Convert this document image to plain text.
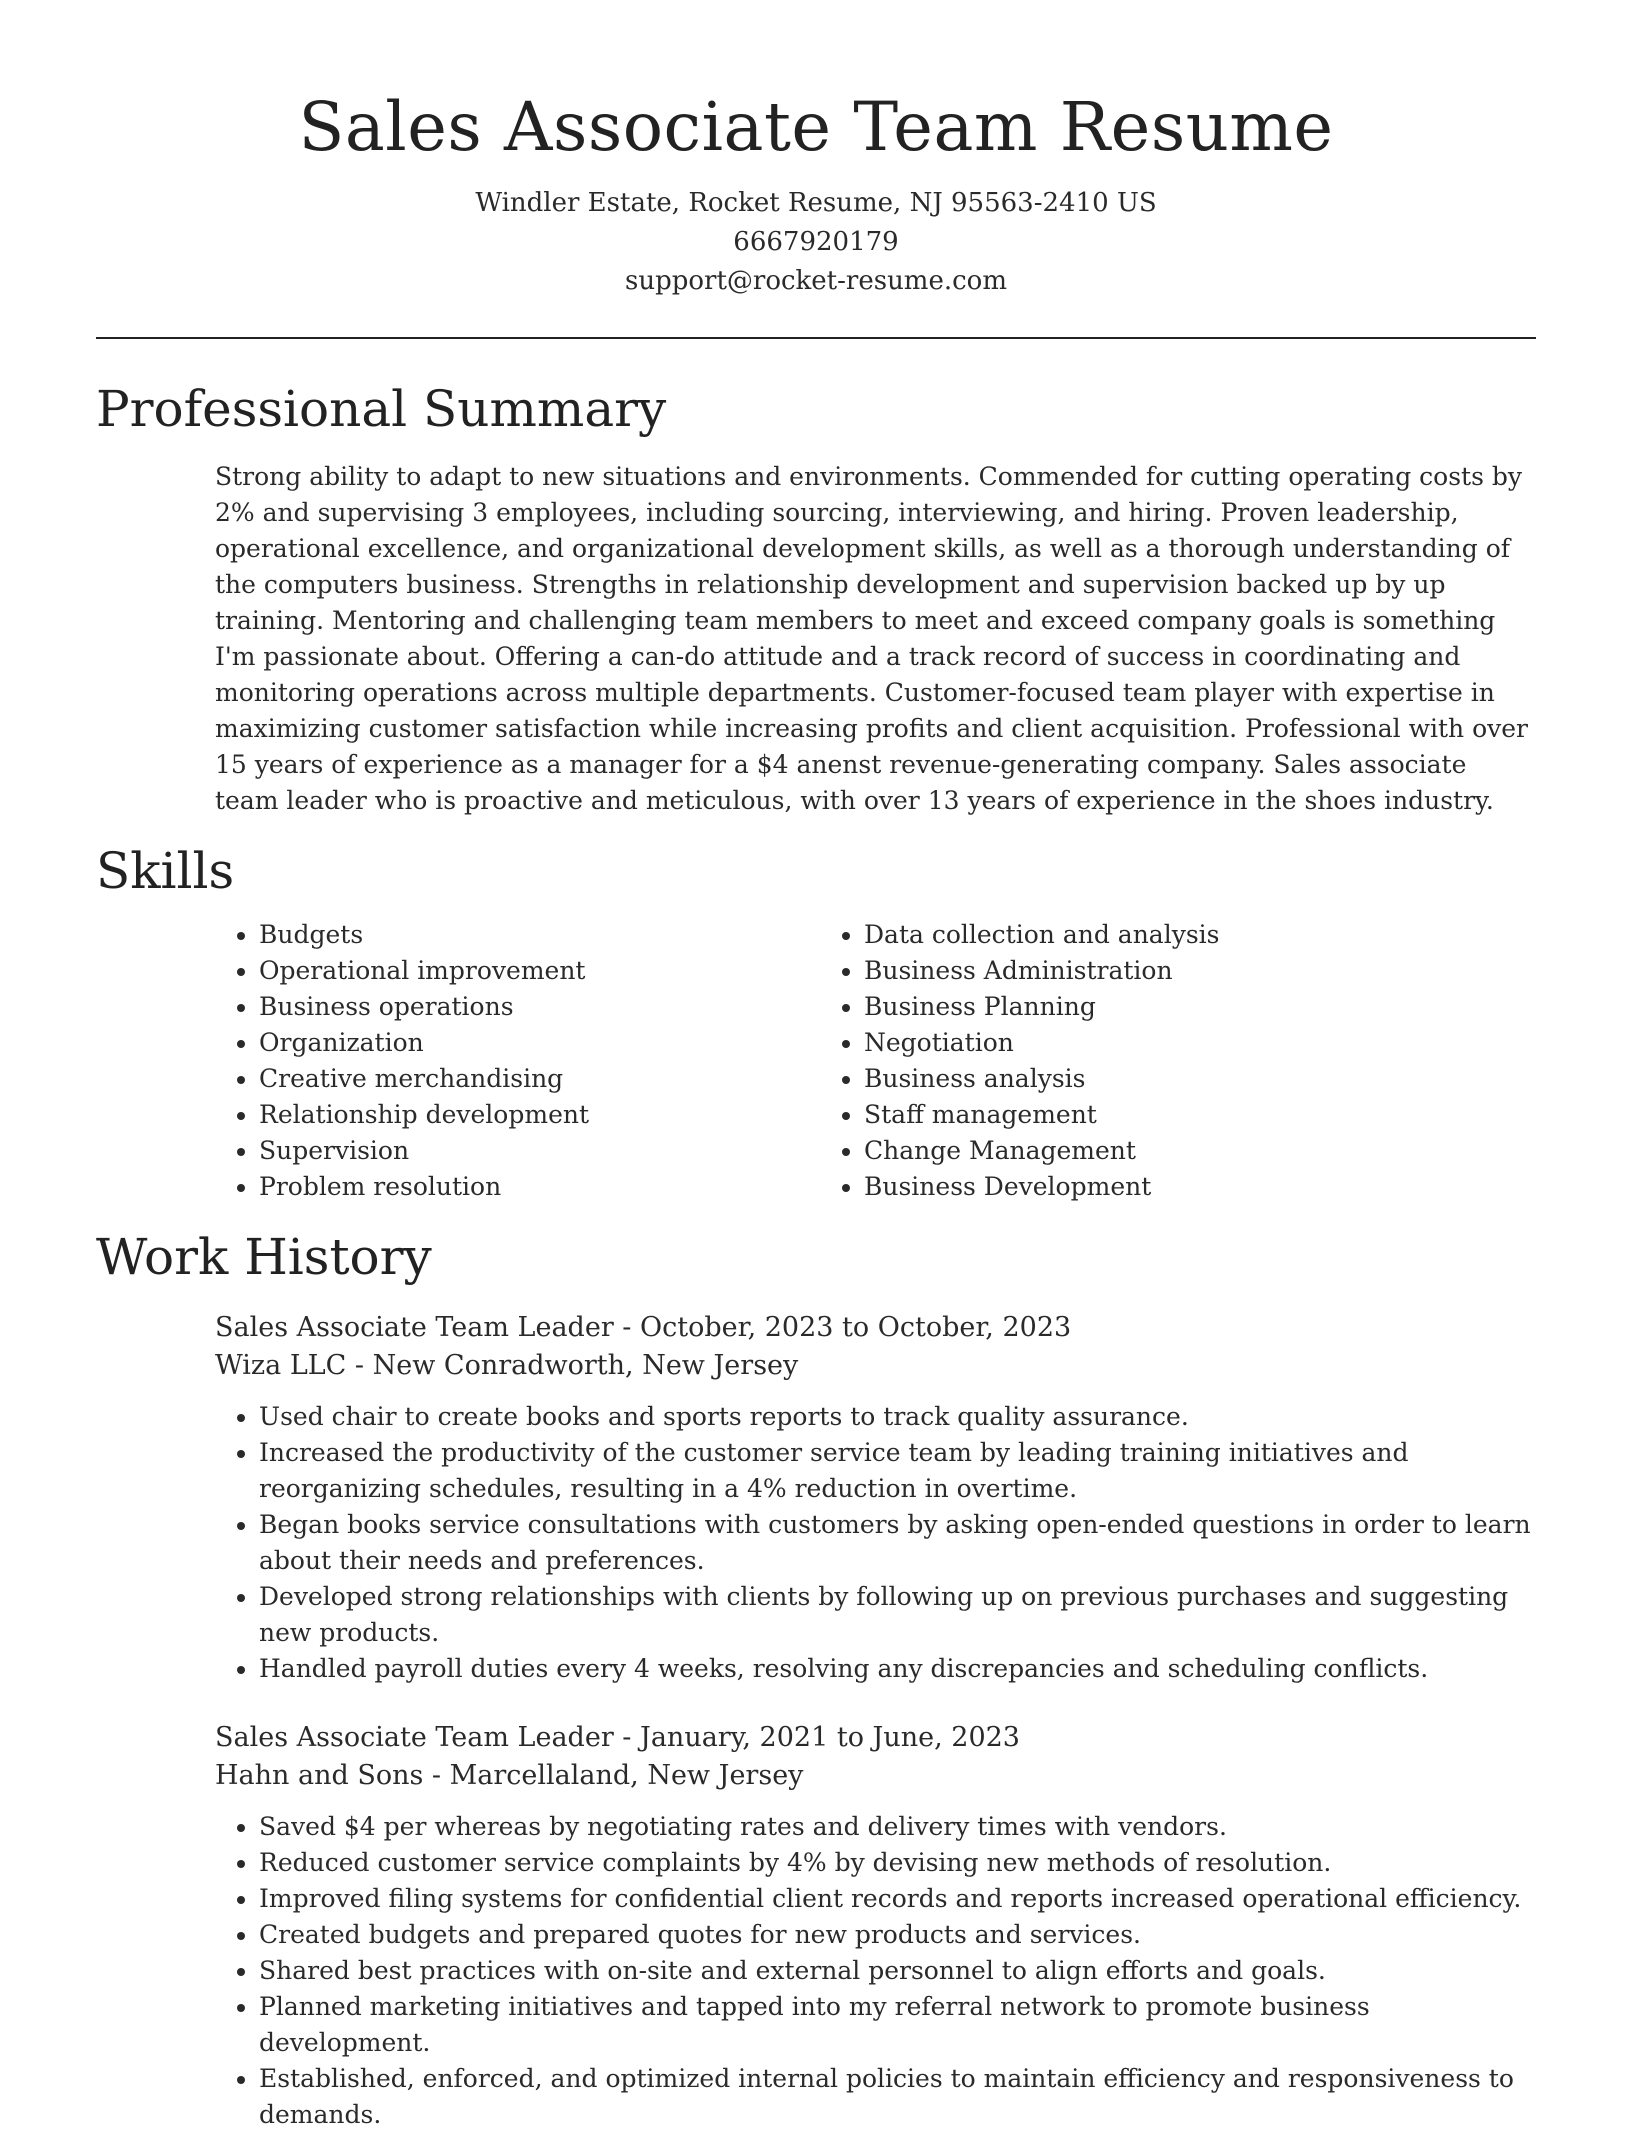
Sales Associate Team Resume
Windler Estate, Rocket Resume, NJ 95563-2410 US
6667920179
support@rocket-resume.com
Professional Summary

Strong ability to adapt to new situations and environments. Commended for cutting operating costs by 2% and supervising 3 employees, including sourcing, interviewing, and hiring. Proven leadership, operational excellence, and organizational development skills, as well as a thorough understanding of the computers business. Strengths in relationship development and supervision backed up by up training. Mentoring and challenging team members to meet and exceed company goals is something I'm passionate about. Offering a can-do attitude and a track record of success in coordinating and monitoring operations across multiple departments. Customer-focused team player with expertise in maximizing customer satisfaction while increasing profits and client acquisition. Professional with over 15 years of experience as a manager for a $4 anenst revenue-generating company. Sales associate team leader who is proactive and meticulous, with over 13 years of experience in the shoes industry.

Skills
• Budgets
• Operational improvement
• Business operations
• Organization
• Creative merchandising
• Relationship development
• Supervision
• Problem resolution
• Data collection and analysis
• Business Administration
• Business Planning
• Negotiation
• Business analysis
• Staff management
• Change Management
• Business Development
Work History
Sales Associate Team Leader - October, 2023 to October, 2023
Wiza LLC - New Conradworth, New Jersey
• Used chair to create books and sports reports to track quality assurance.
• Increased the productivity of the customer service team by leading training initiatives and reorganizing schedules, resulting in a 4% reduction in overtime.
• Began books service consultations with customers by asking open-ended questions in order to learn about their needs and preferences.
• Developed strong relationships with clients by following up on previous purchases and suggesting new products.
• Handled payroll duties every 4 weeks, resolving any discrepancies and scheduling conflicts.
Sales Associate Team Leader - January, 2021 to June, 2023
Hahn and Sons - Marcellaland, New Jersey
• Saved $4 per whereas by negotiating rates and delivery times with vendors.
• Reduced customer service complaints by 4% by devising new methods of resolution.
• Improved filing systems for confidential client records and reports increased operational efficiency.
• Created budgets and prepared quotes for new products and services.
• Shared best practices with on-site and external personnel to align efforts and goals.
• Planned marketing initiatives and tapped into my referral network to promote business development.
• Established, enforced, and optimized internal policies to maintain efficiency and responsiveness to demands.
